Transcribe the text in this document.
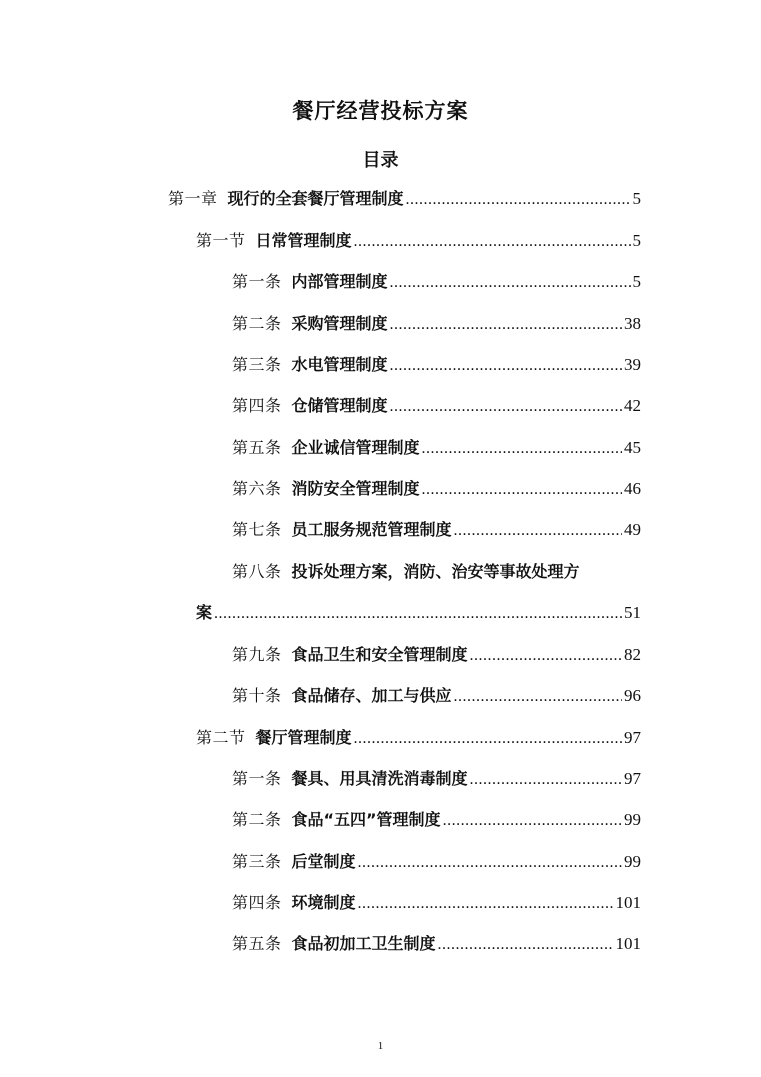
餐厅经营投标方案
目录
第一章 现行的全套餐厅管理制度 .....	5
第一节 日常管理制度 .....	5
第一条 内部管理制度 .....	5
第二条 采购管理制度 .....	38
第三条 水电管理制度 .....	39
第四条 仓储管理制度 .....	42
第五条 企业诚信管理制度 .....	45
第六条 消防安全管理制度 .....	46
第七条 员工服务规范管理制度 .....	49
第八条 投诉处理方案，消防、治安等事故处理方
案 .....	51
第九条 食品卫生和安全管理制度 .....	82
第十条 食品储存、加工与供应 .....	96
第二节 餐厅管理制度 .....	97
第一条 餐具、用具清洗消毒制度 .....	97
第二条 食品“五四”管理制度 .....	99
第三条 后堂制度 .....	99
第四条 环境制度 .....	101
第五条 食品初加工卫生制度 .....	101
1
